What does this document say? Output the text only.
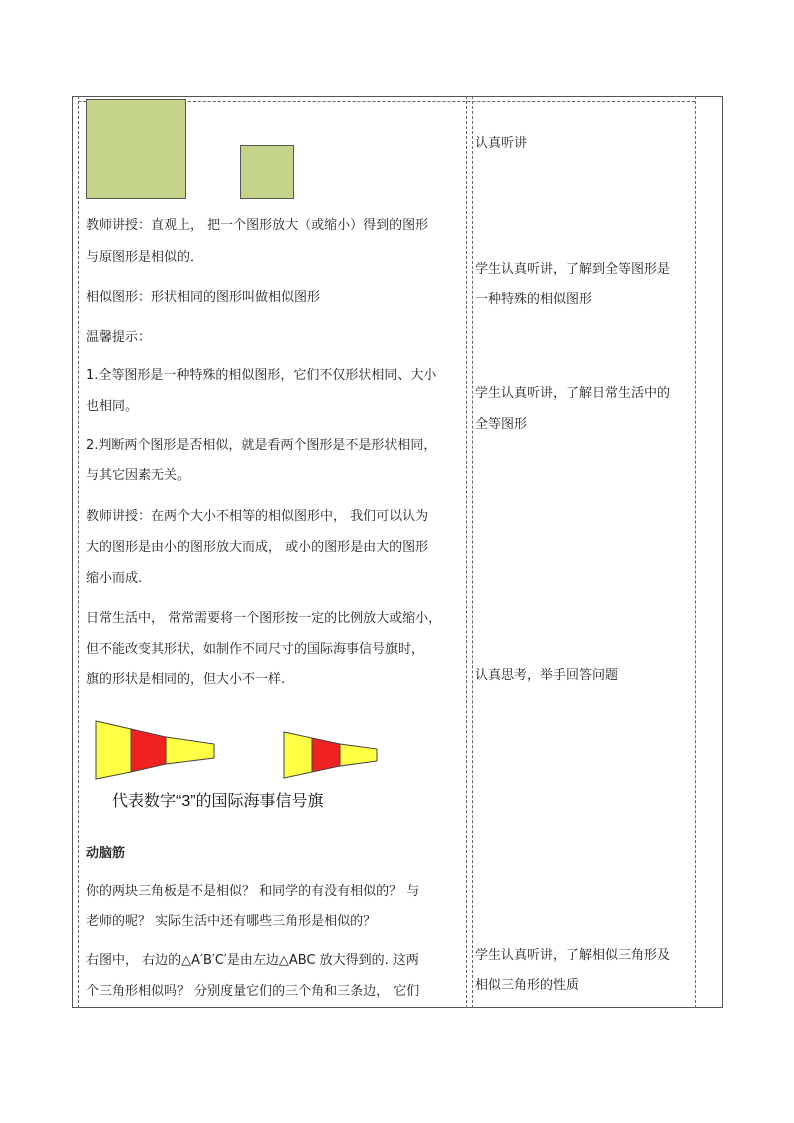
教师讲授：直观上， 把一个图形放大（或缩小）得到的图形
与原图形是相似的．
相似图形：形状相同的图形叫做相似图形
温馨提示：
1.全等图形是一种特殊的相似图形，它们不仅形状相同、大小
也相同。
2.判断两个图形是否相似，就是看两个图形是不是形状相同，
与其它因素无关。
教师讲授：在两个大小不相等的相似图形中， 我们可以认为
大的图形是由小的图形放大而成， 或小的图形是由大的图形
缩小而成.
日常生活中， 常常需要将一个图形按一定的比例放大或缩小，
但不能改变其形状，如制作不同尺寸的国际海事信号旗时，
旗的形状是相同的，但大小不一样.
代表数字“3”的国际海事信号旗
动脑筋
你的两块三角板是不是相似？ 和同学的有没有相似的？ 与
老师的呢？ 实际生活中还有哪些三角形是相似的？
右图中， 右边的△A′B′C′是由左边△ABC 放大得到的. 这两
个三角形相似吗？ 分别度量它们的三个角和三条边， 它们
认真听讲
学生认真听讲，了解到全等图形是
一种特殊的相似图形
学生认真听讲，了解日常生活中的
全等图形
认真思考，举手回答问题
学生认真听讲，了解相似三角形及
相似三角形的性质
